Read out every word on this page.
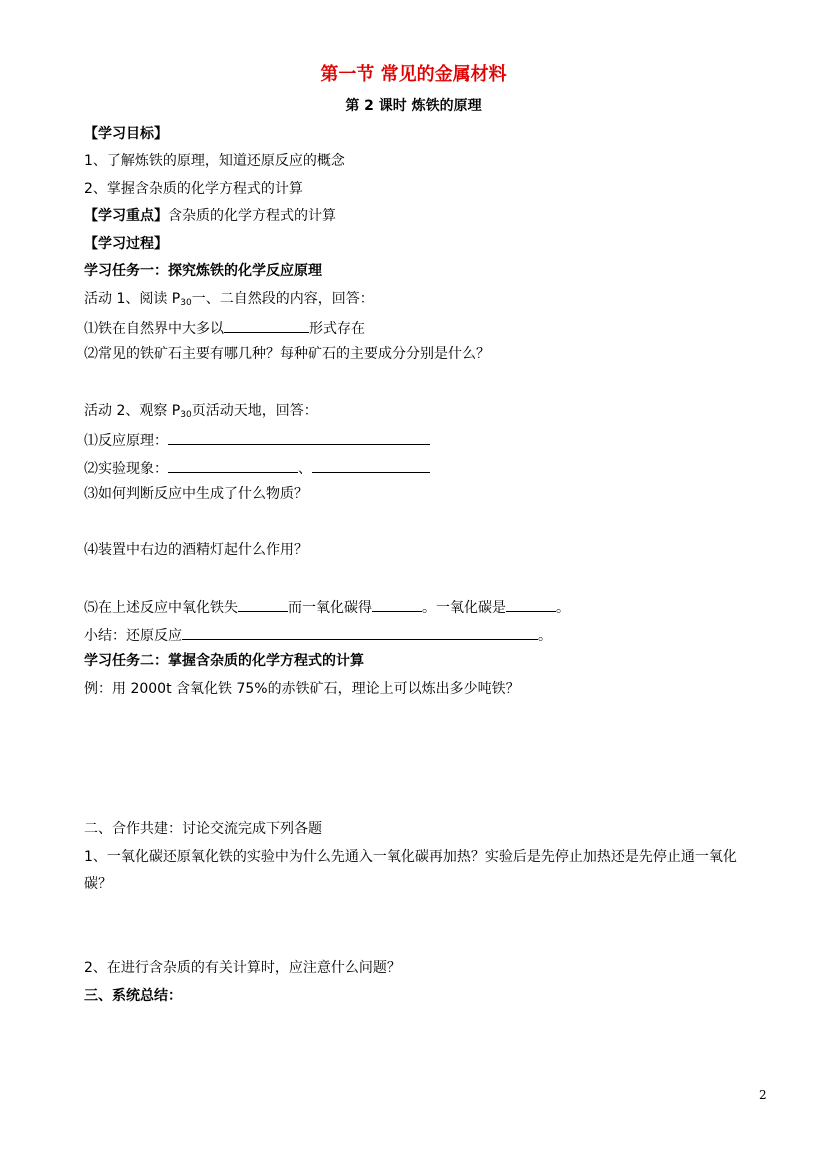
第一节 常见的金属材料
第 2 课时 炼铁的原理
【学习目标】
1、了解炼铁的原理，知道还原反应的概念
2、掌握含杂质的化学方程式的计算
【学习重点】含杂质的化学方程式的计算
【学习过程】
学习任务一：探究炼铁的化学反应原理
活动 1、阅读 $P_{30}$一、二自然段的内容，回答：
⑴铁在自然界中大多以	形式存在
⑵常见的铁矿石主要有哪几种？每种矿石的主要成分分别是什么？
活动 2、观察 $P_{30}$页活动天地，回答：
⑴反应原理：
⑵实验现象：	、
⑶如何判断反应中生成了什么物质？
⑷装置中右边的酒精灯起什么作用？
⑸在上述反应中氧化铁失	而一氧化碳得	。一氧化碳是	。
小结：还原反应	。
学习任务二：掌握含杂质的化学方程式的计算
例：用 2000t 含氧化铁 75%的赤铁矿石，理论上可以炼出多少吨铁？
二、合作共建：讨论交流完成下列各题
1、一氧化碳还原氧化铁的实验中为什么先通入一氧化碳再加热？实验后是先停止加热还是先停止通一氧化
碳？
2、在进行含杂质的有关计算时，应注意什么问题？
三、系统总结：
2
